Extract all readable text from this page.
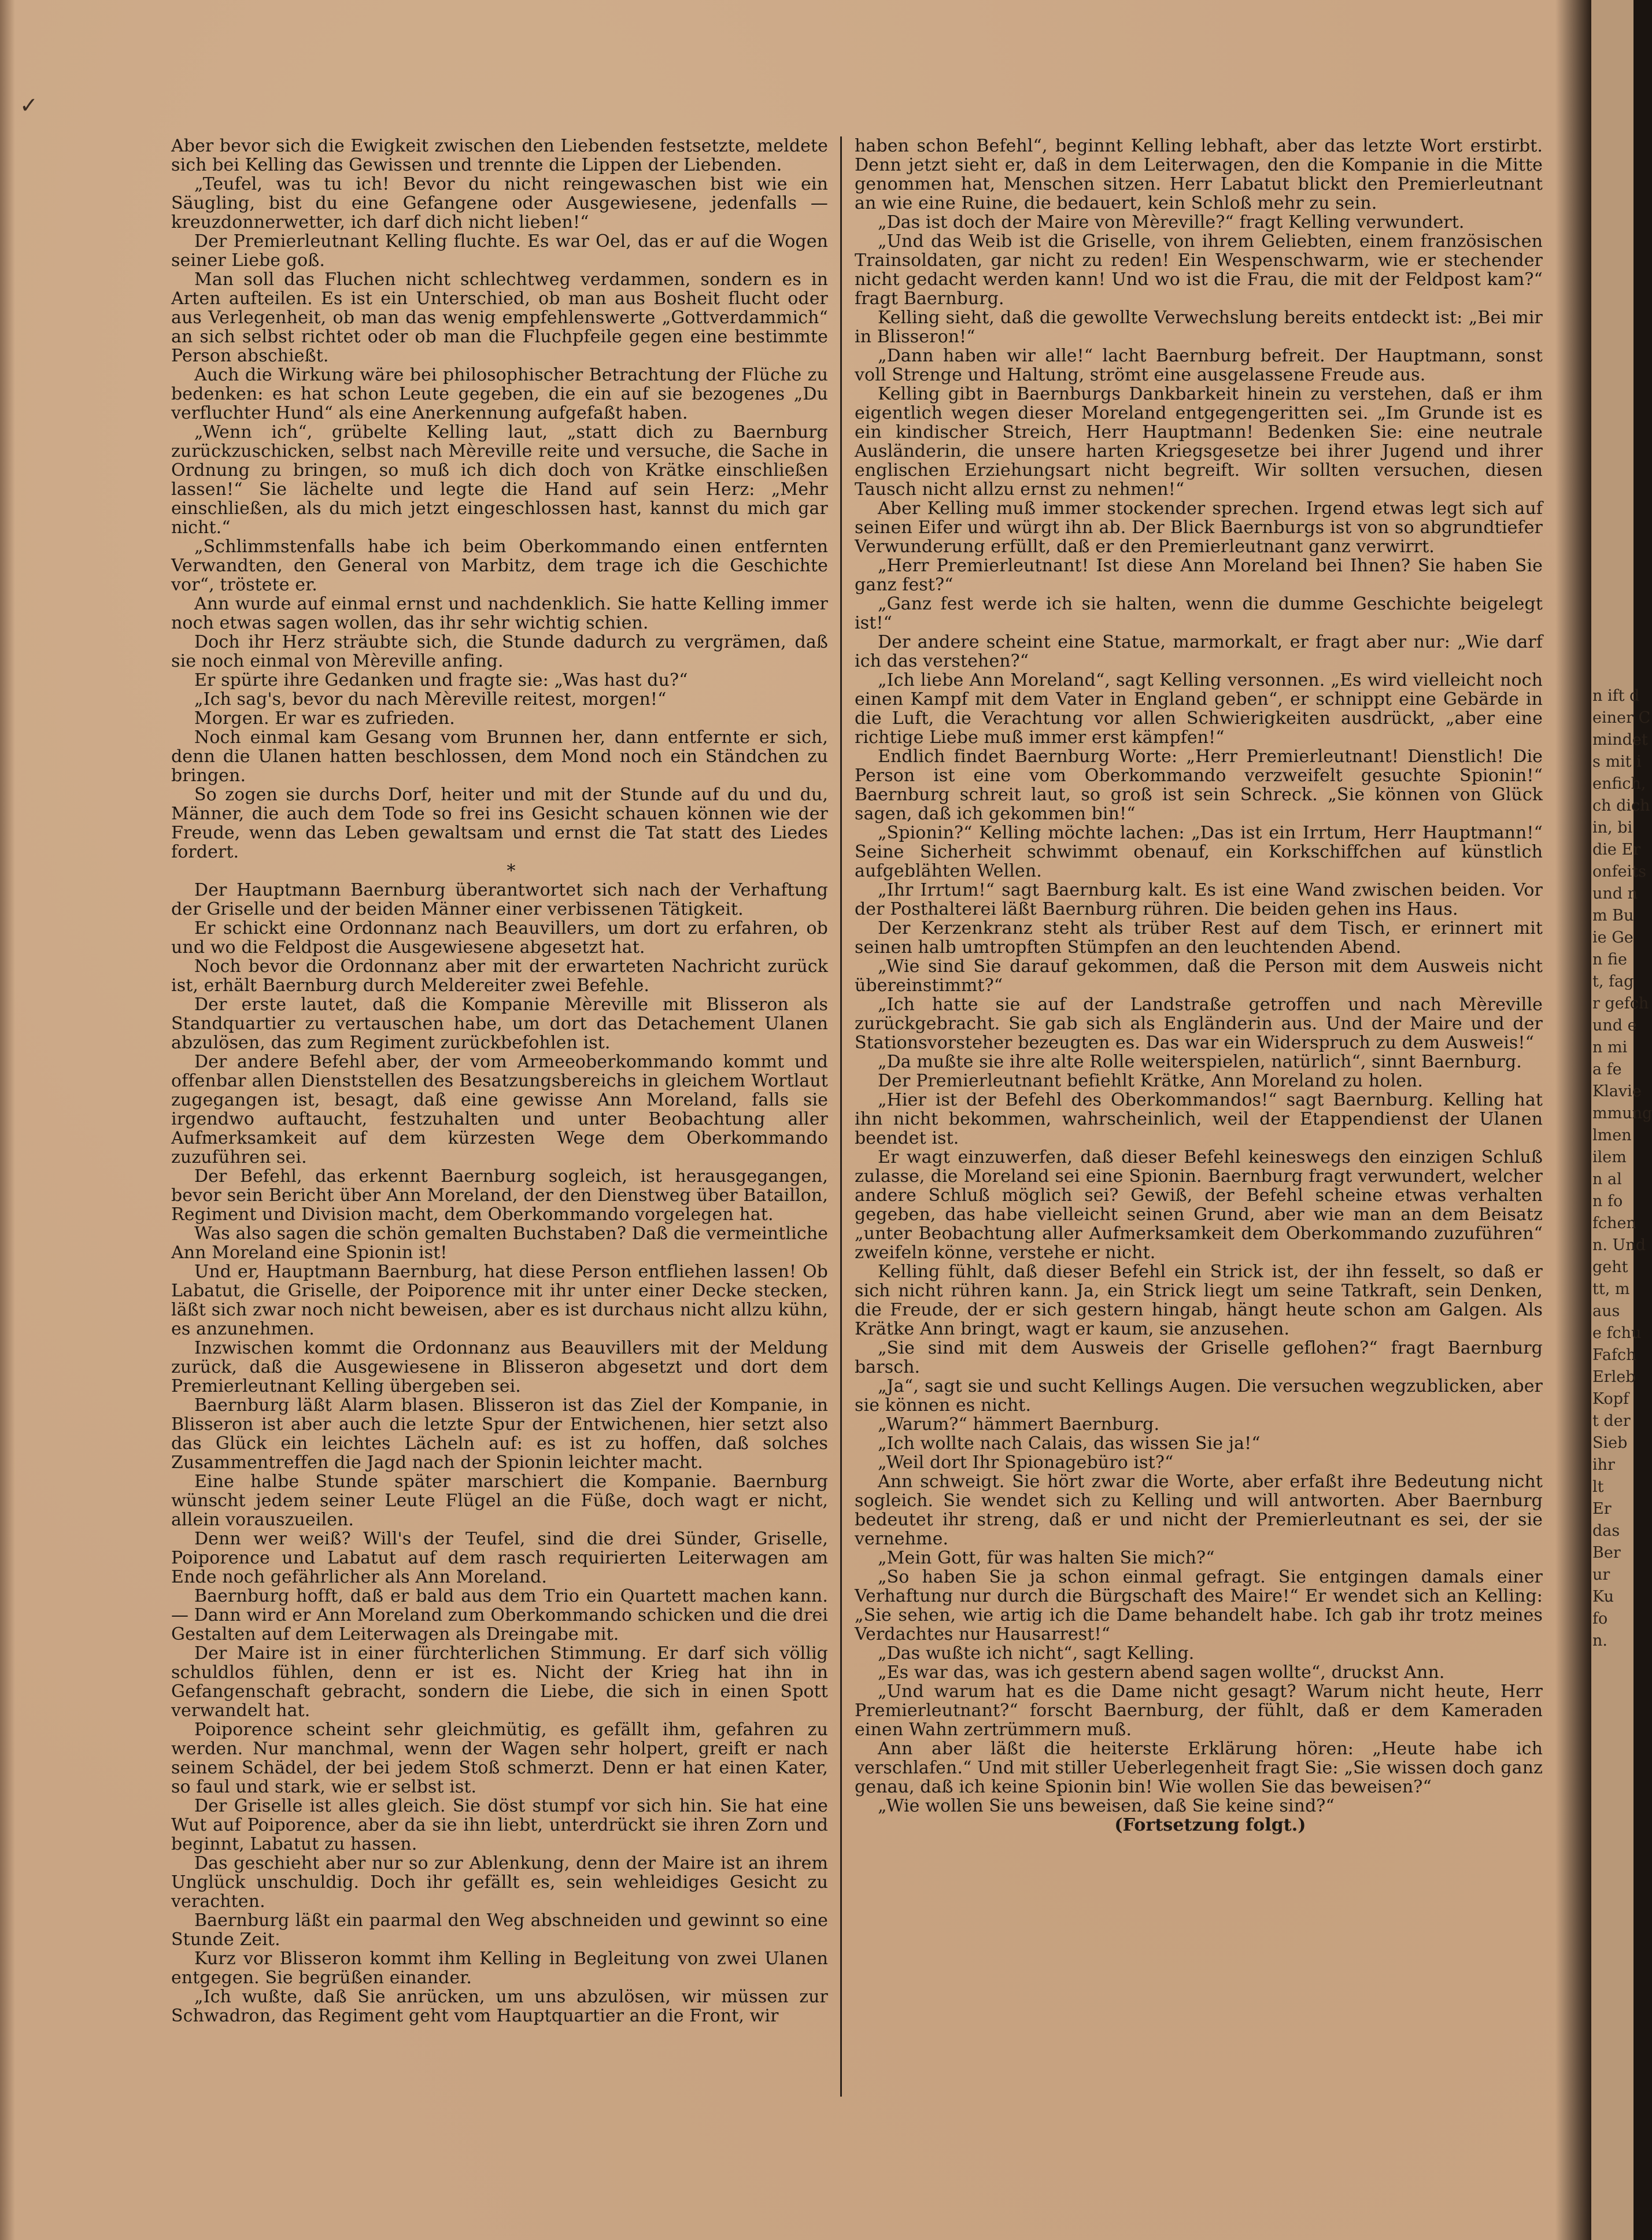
✓

Aber bevor sich die Ewigkeit zwischen den Liebenden festsetzte, meldete sich bei Kelling das Gewissen und trennte die Lippen der Liebenden.

„Teufel, was tu ich! Bevor du nicht reingewaschen bist wie ein Säugling, bist du eine Gefangene oder Ausgewiesene, jedenfalls — kreuzdonnerwetter, ich darf dich nicht lieben!“

Der Premierleutnant Kelling fluchte. Es war Oel, das er auf die Wogen seiner Liebe goß.

Man soll das Fluchen nicht schlechtweg verdammen, sondern es in Arten aufteilen. Es ist ein Unterschied, ob man aus Bosheit flucht oder aus Verlegenheit, ob man das wenig empfehlenswerte „Gottverdammich“ an sich selbst richtet oder ob man die Fluchpfeile gegen eine bestimmte Person abschießt.

Auch die Wirkung wäre bei philosophischer Betrachtung der Flüche zu bedenken: es hat schon Leute gegeben, die ein auf sie bezogenes „Du verfluchter Hund“ als eine Anerkennung aufgefaßt haben.

„Wenn ich“, grübelte Kelling laut, „statt dich zu Baernburg zurückzuschicken, selbst nach Mèreville reite und versuche, die Sache in Ordnung zu bringen, so muß ich dich doch von Krätke einschließen lassen!“ Sie lächelte und legte die Hand auf sein Herz: „Mehr einschließen, als du mich jetzt eingeschlossen hast, kannst du mich gar nicht.“

„Schlimmstenfalls habe ich beim Oberkommando einen entfernten Verwandten, den General von Marbitz, dem trage ich die Geschichte vor“, tröstete er.

Ann wurde auf einmal ernst und nachdenklich. Sie hatte Kelling immer noch etwas sagen wollen, das ihr sehr wichtig schien.

Doch ihr Herz sträubte sich, die Stunde dadurch zu vergrämen, daß sie noch einmal von Mèreville anfing.

Er spürte ihre Gedanken und fragte sie: „Was hast du?“

„Ich sag's, bevor du nach Mèreville reitest, morgen!“

Morgen. Er war es zufrieden.

Noch einmal kam Gesang vom Brunnen her, dann entfernte er sich, denn die Ulanen hatten beschlossen, dem Mond noch ein Ständchen zu bringen.

So zogen sie durchs Dorf, heiter und mit der Stunde auf du und du, Männer, die auch dem Tode so frei ins Gesicht schauen können wie der Freude, wenn das Leben gewaltsam und ernst die Tat statt des Liedes fordert.

*

Der Hauptmann Baernburg überantwortet sich nach der Verhaftung der Griselle und der beiden Männer einer verbissenen Tätigkeit.

Er schickt eine Ordonnanz nach Beauvillers, um dort zu erfahren, ob und wo die Feldpost die Ausgewiesene abgesetzt hat.

Noch bevor die Ordonnanz aber mit der erwarteten Nachricht zurück ist, erhält Baernburg durch Meldereiter zwei Befehle.

Der erste lautet, daß die Kompanie Mèreville mit Blisseron als Standquartier zu vertauschen habe, um dort das Detachement Ulanen abzulösen, das zum Regiment zurückbefohlen ist.

Der andere Befehl aber, der vom Armeeoberkommando kommt und offenbar allen Dienststellen des Besatzungsbereichs in gleichem Wortlaut zugegangen ist, besagt, daß eine gewisse Ann Moreland, falls sie irgendwo auftaucht, festzuhalten und unter Beobachtung aller Aufmerksamkeit auf dem kürzesten Wege dem Oberkommando zuzuführen sei.

Der Befehl, das erkennt Baernburg sogleich, ist herausgegangen, bevor sein Bericht über Ann Moreland, der den Dienstweg über Bataillon, Regiment und Division macht, dem Oberkommando vorgelegen hat.

Was also sagen die schön gemalten Buchstaben? Daß die vermeintliche Ann Moreland eine Spionin ist!

Und er, Hauptmann Baernburg, hat diese Person entfliehen lassen! Ob Labatut, die Griselle, der Poiporence mit ihr unter einer Decke stecken, läßt sich zwar noch nicht beweisen, aber es ist durchaus nicht allzu kühn, es anzunehmen.

Inzwischen kommt die Ordonnanz aus Beauvillers mit der Meldung zurück, daß die Ausgewiesene in Blisseron abgesetzt und dort dem Premierleutnant Kelling übergeben sei.

Baernburg läßt Alarm blasen. Blisseron ist das Ziel der Kompanie, in Blisseron ist aber auch die letzte Spur der Entwichenen, hier setzt also das Glück ein leichtes Lächeln auf: es ist zu hoffen, daß solches Zusammentreffen die Jagd nach der Spionin leichter macht.

Eine halbe Stunde später marschiert die Kompanie. Baernburg wünscht jedem seiner Leute Flügel an die Füße, doch wagt er nicht, allein vorauszueilen.

Denn wer weiß? Will's der Teufel, sind die drei Sünder, Griselle, Poiporence und Labatut auf dem rasch requirierten Leiterwagen am Ende noch gefährlicher als Ann Moreland.

Baernburg hofft, daß er bald aus dem Trio ein Quartett machen kann. — Dann wird er Ann Moreland zum Oberkommando schicken und die drei Gestalten auf dem Leiterwagen als Dreingabe mit.

Der Maire ist in einer fürchterlichen Stimmung. Er darf sich völlig schuldlos fühlen, denn er ist es. Nicht der Krieg hat ihn in Gefangenschaft gebracht, sondern die Liebe, die sich in einen Spott verwandelt hat.

Poiporence scheint sehr gleichmütig, es gefällt ihm, gefahren zu werden. Nur manchmal, wenn der Wagen sehr holpert, greift er nach seinem Schädel, der bei jedem Stoß schmerzt. Denn er hat einen Kater, so faul und stark, wie er selbst ist.

Der Griselle ist alles gleich. Sie döst stumpf vor sich hin. Sie hat eine Wut auf Poiporence, aber da sie ihn liebt, unterdrückt sie ihren Zorn und beginnt, Labatut zu hassen.

Das geschieht aber nur so zur Ablenkung, denn der Maire ist an ihrem Unglück unschuldig. Doch ihr gefällt es, sein wehleidiges Gesicht zu verachten.

Baernburg läßt ein paarmal den Weg abschneiden und gewinnt so eine Stunde Zeit.

Kurz vor Blisseron kommt ihm Kelling in Begleitung von zwei Ulanen entgegen. Sie begrüßen einander.

„Ich wußte, daß Sie anrücken, um uns abzulösen, wir müssen zur Schwadron, das Regiment geht vom Hauptquartier an die Front, wir

haben schon Befehl“, beginnt Kelling lebhaft, aber das letzte Wort erstirbt. Denn jetzt sieht er, daß in dem Leiterwagen, den die Kompanie in die Mitte genommen hat, Menschen sitzen. Herr Labatut blickt den Premierleutnant an wie eine Ruine, die bedauert, kein Schloß mehr zu sein.

„Das ist doch der Maire von Mèreville?“ fragt Kelling verwundert.

„Und das Weib ist die Griselle, von ihrem Geliebten, einem französischen Trainsoldaten, gar nicht zu reden! Ein Wespenschwarm, wie er stechender nicht gedacht werden kann! Und wo ist die Frau, die mit der Feldpost kam?“ fragt Baernburg.

Kelling sieht, daß die gewollte Verwechslung bereits entdeckt ist: „Bei mir in Blisseron!“

„Dann haben wir alle!“ lacht Baernburg befreit. Der Hauptmann, sonst voll Strenge und Haltung, strömt eine ausgelassene Freude aus.

Kelling gibt in Baernburgs Dankbarkeit hinein zu verstehen, daß er ihm eigentlich wegen dieser Moreland entgegengeritten sei. „Im Grunde ist es ein kindischer Streich, Herr Hauptmann! Bedenken Sie: eine neutrale Ausländerin, die unsere harten Kriegsgesetze bei ihrer Jugend und ihrer englischen Erziehungsart nicht begreift. Wir sollten versuchen, diesen Tausch nicht allzu ernst zu nehmen!“

Aber Kelling muß immer stockender sprechen. Irgend etwas legt sich auf seinen Eifer und würgt ihn ab. Der Blick Baernburgs ist von so abgrundtiefer Verwunderung erfüllt, daß er den Premierleutnant ganz verwirrt.

„Herr Premierleutnant! Ist diese Ann Moreland bei Ihnen? Sie haben Sie ganz fest?“

„Ganz fest werde ich sie halten, wenn die dumme Geschichte beigelegt ist!“

Der andere scheint eine Statue, marmorkalt, er fragt aber nur: „Wie darf ich das verstehen?“

„Ich liebe Ann Moreland“, sagt Kelling versonnen. „Es wird vielleicht noch einen Kampf mit dem Vater in England geben“, er schnippt eine Gebärde in die Luft, die Verachtung vor allen Schwierigkeiten ausdrückt, „aber eine richtige Liebe muß immer erst kämpfen!“

Endlich findet Baernburg Worte: „Herr Premierleutnant! Dienstlich! Die Person ist eine vom Oberkommando verzweifelt gesuchte Spionin!“ Baernburg schreit laut, so groß ist sein Schreck. „Sie können von Glück sagen, daß ich gekommen bin!“

„Spionin?“ Kelling möchte lachen: „Das ist ein Irrtum, Herr Hauptmann!“ Seine Sicherheit schwimmt obenauf, ein Korkschiffchen auf künstlich aufgeblähten Wellen.

„Ihr Irrtum!“ sagt Baernburg kalt. Es ist eine Wand zwischen beiden. Vor der Posthalterei läßt Baernburg rühren. Die beiden gehen ins Haus.

Der Kerzenkranz steht als trüber Rest auf dem Tisch, er erinnert mit seinen halb umtropften Stümpfen an den leuchtenden Abend.

„Wie sind Sie darauf gekommen, daß die Person mit dem Ausweis nicht übereinstimmt?“

„Ich hatte sie auf der Landstraße getroffen und nach Mèreville zurückgebracht. Sie gab sich als Engländerin aus. Und der Maire und der Stationsvorsteher bezeugten es. Das war ein Widerspruch zu dem Ausweis!“

„Da mußte sie ihre alte Rolle weiterspielen, natürlich“, sinnt Baernburg.

Der Premierleutnant befiehlt Krätke, Ann Moreland zu holen.

„Hier ist der Befehl des Oberkommandos!“ sagt Baernburg. Kelling hat ihn nicht bekommen, wahrscheinlich, weil der Etappendienst der Ulanen beendet ist.

Er wagt einzuwerfen, daß dieser Befehl keineswegs den einzigen Schluß zulasse, die Moreland sei eine Spionin. Baernburg fragt verwundert, welcher andere Schluß möglich sei? Gewiß, der Befehl scheine etwas verhalten gegeben, das habe vielleicht seinen Grund, aber wie man an dem Beisatz „unter Beobachtung aller Aufmerksamkeit dem Oberkommando zuzuführen“ zweifeln könne, verstehe er nicht.

Kelling fühlt, daß dieser Befehl ein Strick ist, der ihn fesselt, so daß er sich nicht rühren kann. Ja, ein Strick liegt um seine Tatkraft, sein Denken, die Freude, der er sich gestern hingab, hängt heute schon am Galgen. Als Krätke Ann bringt, wagt er kaum, sie anzusehen.

„Sie sind mit dem Ausweis der Griselle geflohen?“ fragt Baernburg barsch.

„Ja“, sagt sie und sucht Kellings Augen. Die versuchen wegzublicken, aber sie können es nicht.

„Warum?“ hämmert Baernburg.

„Ich wollte nach Calais, das wissen Sie ja!“

„Weil dort Ihr Spionagebüro ist?“

Ann schweigt. Sie hört zwar die Worte, aber erfaßt ihre Bedeutung nicht sogleich. Sie wendet sich zu Kelling und will antworten. Aber Baernburg bedeutet ihr streng, daß er und nicht der Premierleutnant es sei, der sie vernehme.

„Mein Gott, für was halten Sie mich?“

„So haben Sie ja schon einmal gefragt. Sie entgingen damals einer Verhaftung nur durch die Bürgschaft des Maire!“ Er wendet sich an Kelling: „Sie sehen, wie artig ich die Dame behandelt habe. Ich gab ihr trotz meines Verdachtes nur Hausarrest!“

„Das wußte ich nicht“, sagt Kelling.

„Es war das, was ich gestern abend sagen wollte“, druckst Ann.

„Und warum hat es die Dame nicht gesagt? Warum nicht heute, Herr Premierleutnant?“ forscht Baernburg, der fühlt, daß er dem Kameraden einen Wahn zertrümmern muß.

Ann aber läßt die heiterste Erklärung hören: „Heute habe ich verschlafen.“ Und mit stiller Ueberlegenheit fragt Sie: „Sie wissen doch ganz genau, daß ich keine Spionin bin! Wie wollen Sie das beweisen?“

„Wie wollen Sie uns beweisen, daß Sie keine sind?“

(Fortsetzung folgt.)

n ift d
einer C
mindet
s mit i
enfich,
ch dich
in, bi
die Er
onfeits
und n
m Bu
ie Ge
n fie
t, fag
r gefch
und e
n mi
a fe
Klavie
mmung
lmen
ilem
n al
n fo
fchen
n. Und
geht
tt, m
aus
e fchu
Fafch
Erleb
Kopf
t der
Sieb
ihr
lt
Er
das
Ber
ur
Ku
fo
n.
